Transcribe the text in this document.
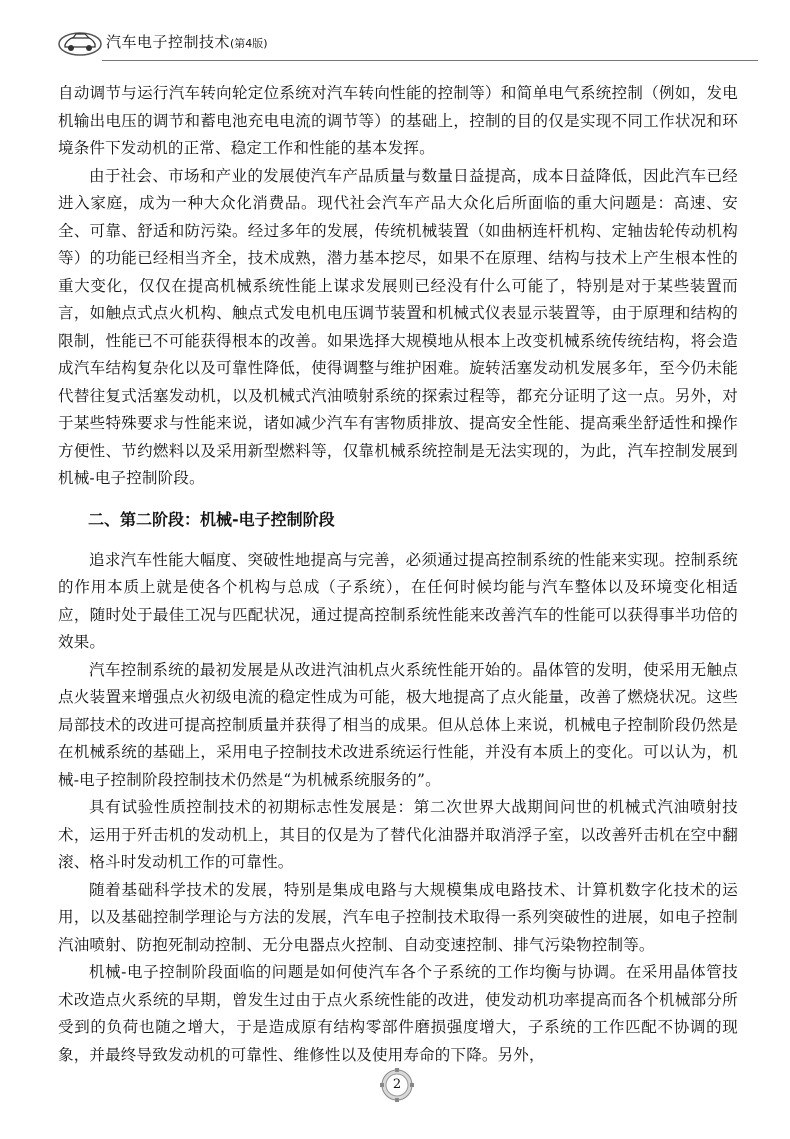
汽车电子控制技术(第4版)

自动调节与运行汽车转向轮定位系统对汽车转向性能的控制等）和简单电气系统控制（例如，发电机输出电压的调节和蓄电池充电电流的调节等）的基础上，控制的目的仅是实现不同工作状况和环境条件下发动机的正常、稳定工作和性能的基本发挥。

由于社会、市场和产业的发展使汽车产品质量与数量日益提高，成本日益降低，因此汽车已经进入家庭，成为一种大众化消费品。现代社会汽车产品大众化后所面临的重大问题是：高速、安全、可靠、舒适和防污染。经过多年的发展，传统机械装置（如曲柄连杆机构、定轴齿轮传动机构等）的功能已经相当齐全，技术成熟，潜力基本挖尽，如果不在原理、结构与技术上产生根本性的重大变化，仅仅在提高机械系统性能上谋求发展则已经没有什么可能了，特别是对于某些装置而言，如触点式点火机构、触点式发电机电压调节装置和机械式仪表显示装置等，由于原理和结构的限制，性能已不可能获得根本的改善。如果选择大规模地从根本上改变机械系统传统结构，将会造成汽车结构复杂化以及可靠性降低，使得调整与维护困难。旋转活塞发动机发展多年，至今仍未能代替往复式活塞发动机，以及机械式汽油喷射系统的探索过程等，都充分证明了这一点。另外，对于某些特殊要求与性能来说，诸如减少汽车有害物质排放、提高安全性能、提高乘坐舒适性和操作方便性、节约燃料以及采用新型燃料等，仅靠机械系统控制是无法实现的，为此，汽车控制发展到机械-电子控制阶段。

二、第二阶段：机械-电子控制阶段

追求汽车性能大幅度、突破性地提高与完善，必须通过提高控制系统的性能来实现。控制系统的作用本质上就是使各个机构与总成（子系统），在任何时候均能与汽车整体以及环境变化相适应，随时处于最佳工况与匹配状况，通过提高控制系统性能来改善汽车的性能可以获得事半功倍的效果。

汽车控制系统的最初发展是从改进汽油机点火系统性能开始的。晶体管的发明，使采用无触点点火装置来增强点火初级电流的稳定性成为可能，极大地提高了点火能量，改善了燃烧状况。这些局部技术的改进可提高控制质量并获得了相当的成果。但从总体上来说，机械电子控制阶段仍然是在机械系统的基础上，采用电子控制技术改进系统运行性能，并没有本质上的变化。可以认为，机械-电子控制阶段控制技术仍然是“为机械系统服务的”。

具有试验性质控制技术的初期标志性发展是：第二次世界大战期间问世的机械式汽油喷射技术，运用于歼击机的发动机上，其目的仅是为了替代化油器并取消浮子室，以改善歼击机在空中翻滚、格斗时发动机工作的可靠性。

随着基础科学技术的发展，特别是集成电路与大规模集成电路技术、计算机数字化技术的运用，以及基础控制学理论与方法的发展，汽车电子控制技术取得一系列突破性的进展，如电子控制汽油喷射、防抱死制动控制、无分电器点火控制、自动变速控制、排气污染物控制等。

机械-电子控制阶段面临的问题是如何使汽车各个子系统的工作均衡与协调。在采用晶体管技术改造点火系统的早期，曾发生过由于点火系统性能的改进，使发动机功率提高而各个机械部分所受到的负荷也随之增大，于是造成原有结构零部件磨损强度增大，子系统的工作匹配不协调的现象，并最终导致发动机的可靠性、维修性以及使用寿命的下降。另外，

2
